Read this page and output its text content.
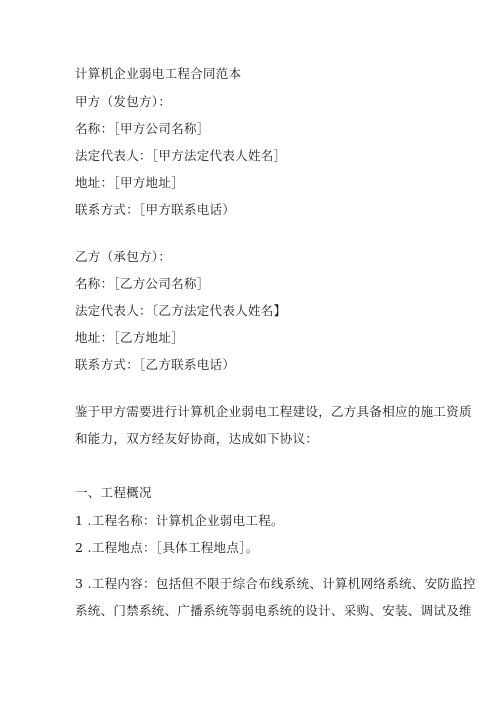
计算机企业弱电工程合同范本
甲方（发包方）：
名称：［甲方公司名称］
法定代表人：［甲方法定代表人姓名］
地址：［甲方地址］
联系方式：［甲方联系电话）
乙方（承包方）：
名称：［乙方公司名称］
法定代表人：〔乙方法定代表人姓名】
地址：［乙方地址］
联系方式：［乙方联系电话）
鉴于甲方需要进行计算机企业弱电工程建设，乙方具备相应的施工资质
和能力，双方经友好协商，达成如下协议：
一、工程概况
1 .工程名称：计算机企业弱电工程。
2 .工程地点：［具体工程地点］。
3 .工程内容：包括但不限于综合布线系统、计算机网络系统、安防监控
系统、门禁系统、广播系统等弱电系统的设计、采购、安装、调试及维
